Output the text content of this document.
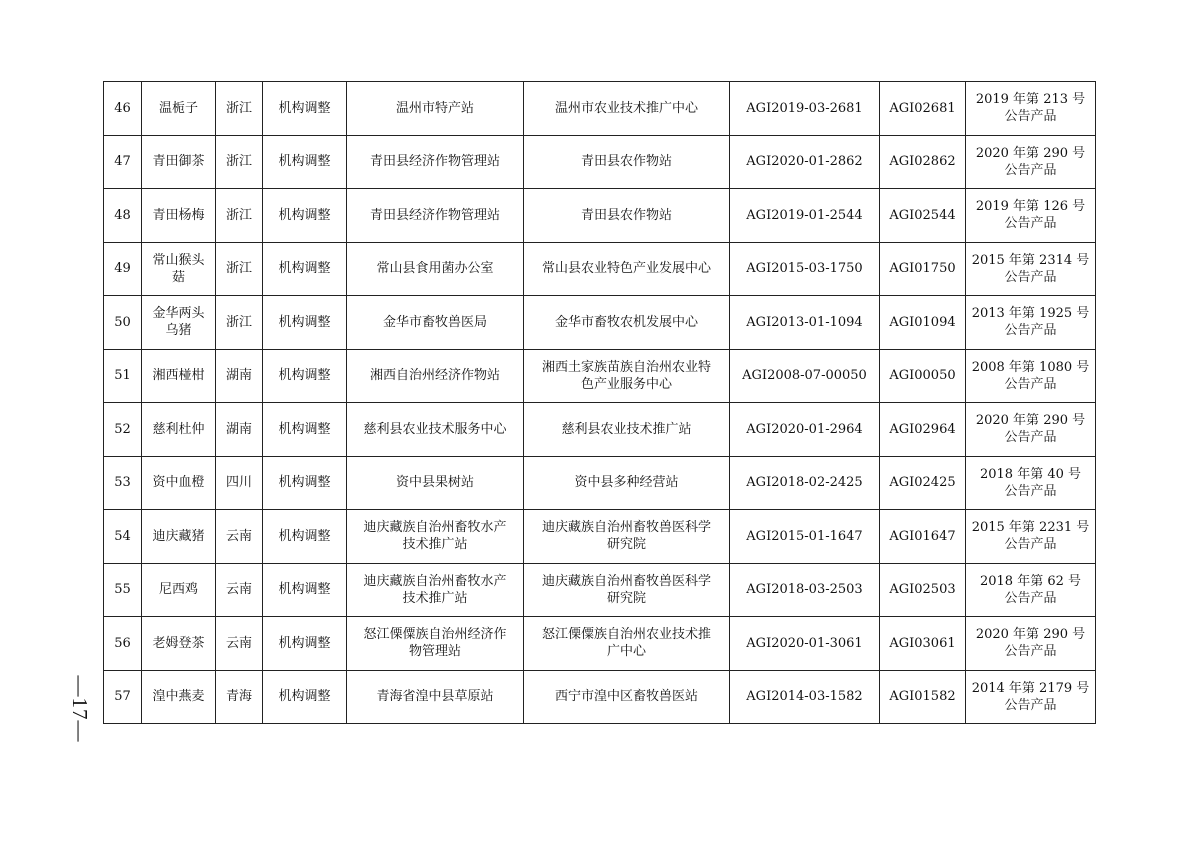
—17—
46	温栀子	浙江	机构调整	温州市特产站	温州市农业技术推广中心	AGI2019-03-2681	AGI02681	2019 年第 213 号
公告产品
47	青田御茶	浙江	机构调整	青田县经济作物管理站	青田县农作物站	AGI2020-01-2862	AGI02862	2020 年第 290 号
公告产品
48	青田杨梅	浙江	机构调整	青田县经济作物管理站	青田县农作物站	AGI2019-01-2544	AGI02544	2019 年第 126 号
公告产品
49	常山猴头
菇	浙江	机构调整	常山县食用菌办公室	常山县农业特色产业发展中心	AGI2015-03-1750	AGI01750	2015 年第 2314 号
公告产品
50	金华两头
乌猪	浙江	机构调整	金华市畜牧兽医局	金华市畜牧农机发展中心	AGI2013-01-1094	AGI01094	2013 年第 1925 号
公告产品
51	湘西椪柑	湖南	机构调整	湘西自治州经济作物站	湘西土家族苗族自治州农业特
色产业服务中心	AGI2008-07-00050	AGI00050	2008 年第 1080 号
公告产品
52	慈利杜仲	湖南	机构调整	慈利县农业技术服务中心	慈利县农业技术推广站	AGI2020-01-2964	AGI02964	2020 年第 290 号
公告产品
53	资中血橙	四川	机构调整	资中县果树站	资中县多种经营站	AGI2018-02-2425	AGI02425	2018 年第 40 号
公告产品
54	迪庆藏猪	云南	机构调整	迪庆藏族自治州畜牧水产
技术推广站	迪庆藏族自治州畜牧兽医科学
研究院	AGI2015-01-1647	AGI01647	2015 年第 2231 号
公告产品
55	尼西鸡	云南	机构调整	迪庆藏族自治州畜牧水产
技术推广站	迪庆藏族自治州畜牧兽医科学
研究院	AGI2018-03-2503	AGI02503	2018 年第 62 号
公告产品
56	老姆登茶	云南	机构调整	怒江傈僳族自治州经济作
物管理站	怒江傈僳族自治州农业技术推
广中心	AGI2020-01-3061	AGI03061	2020 年第 290 号
公告产品
57	湟中燕麦	青海	机构调整	青海省湟中县草原站	西宁市湟中区畜牧兽医站	AGI2014-03-1582	AGI01582	2014 年第 2179 号
公告产品
